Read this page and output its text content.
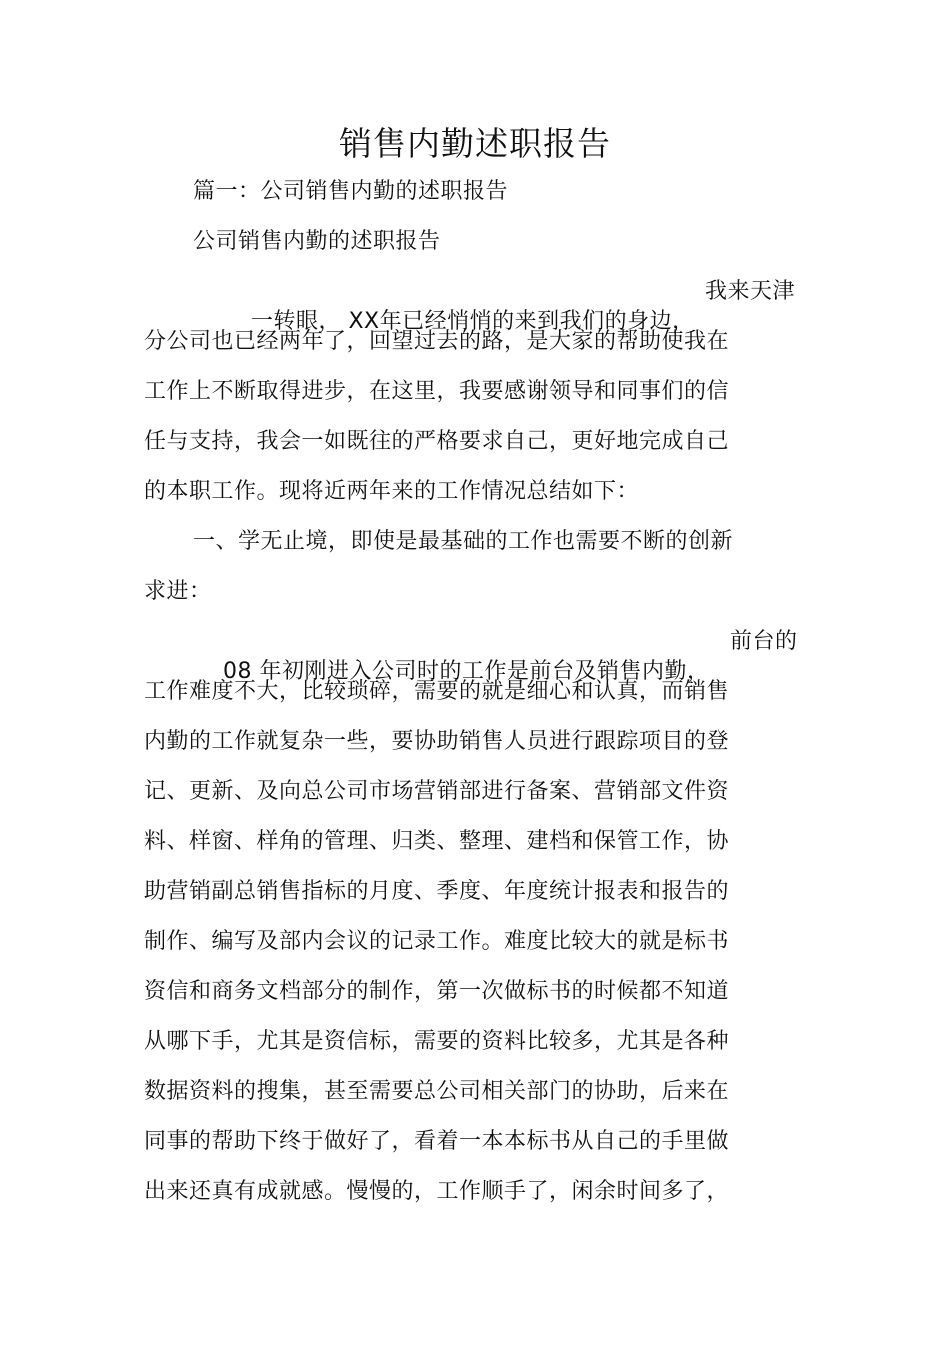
销售内勤述职报告
篇一：公司销售内勤的述职报告
公司销售内勤的述职报告

一转眼， XX年已经悄悄的来到我们的身边，

我来天津

分公司也已经两年了，回望过去的路，是大家的帮助使我在
工作上不断取得进步，在这里，我要感谢领导和同事们的信
任与支持，我会一如既往的严格要求自己，更好地完成自己
的本职工作。现将近两年来的工作情况总结如下：
一、学无止境，即使是最基础的工作也需要不断的创新
求进：

08 年初刚进入公司时的工作是前台及销售内勤，

前台的

工作难度不大，比较琐碎，需要的就是细心和认真，而销售
内勤的工作就复杂一些，要协助销售人员进行跟踪项目的登
记、更新、及向总公司市场营销部进行备案、营销部文件资
料、样窗、样角的管理、归类、整理、建档和保管工作，协
助营销副总销售指标的月度、季度、年度统计报表和报告的
制作、编写及部内会议的记录工作。难度比较大的就是标书
资信和商务文档部分的制作，第一次做标书的时候都不知道
从哪下手，尤其是资信标，需要的资料比较多，尤其是各种
数据资料的搜集，甚至需要总公司相关部门的协助，后来在
同事的帮助下终于做好了，看着一本本标书从自己的手里做
出来还真有成就感。慢慢的，工作顺手了，闲余时间多了，
